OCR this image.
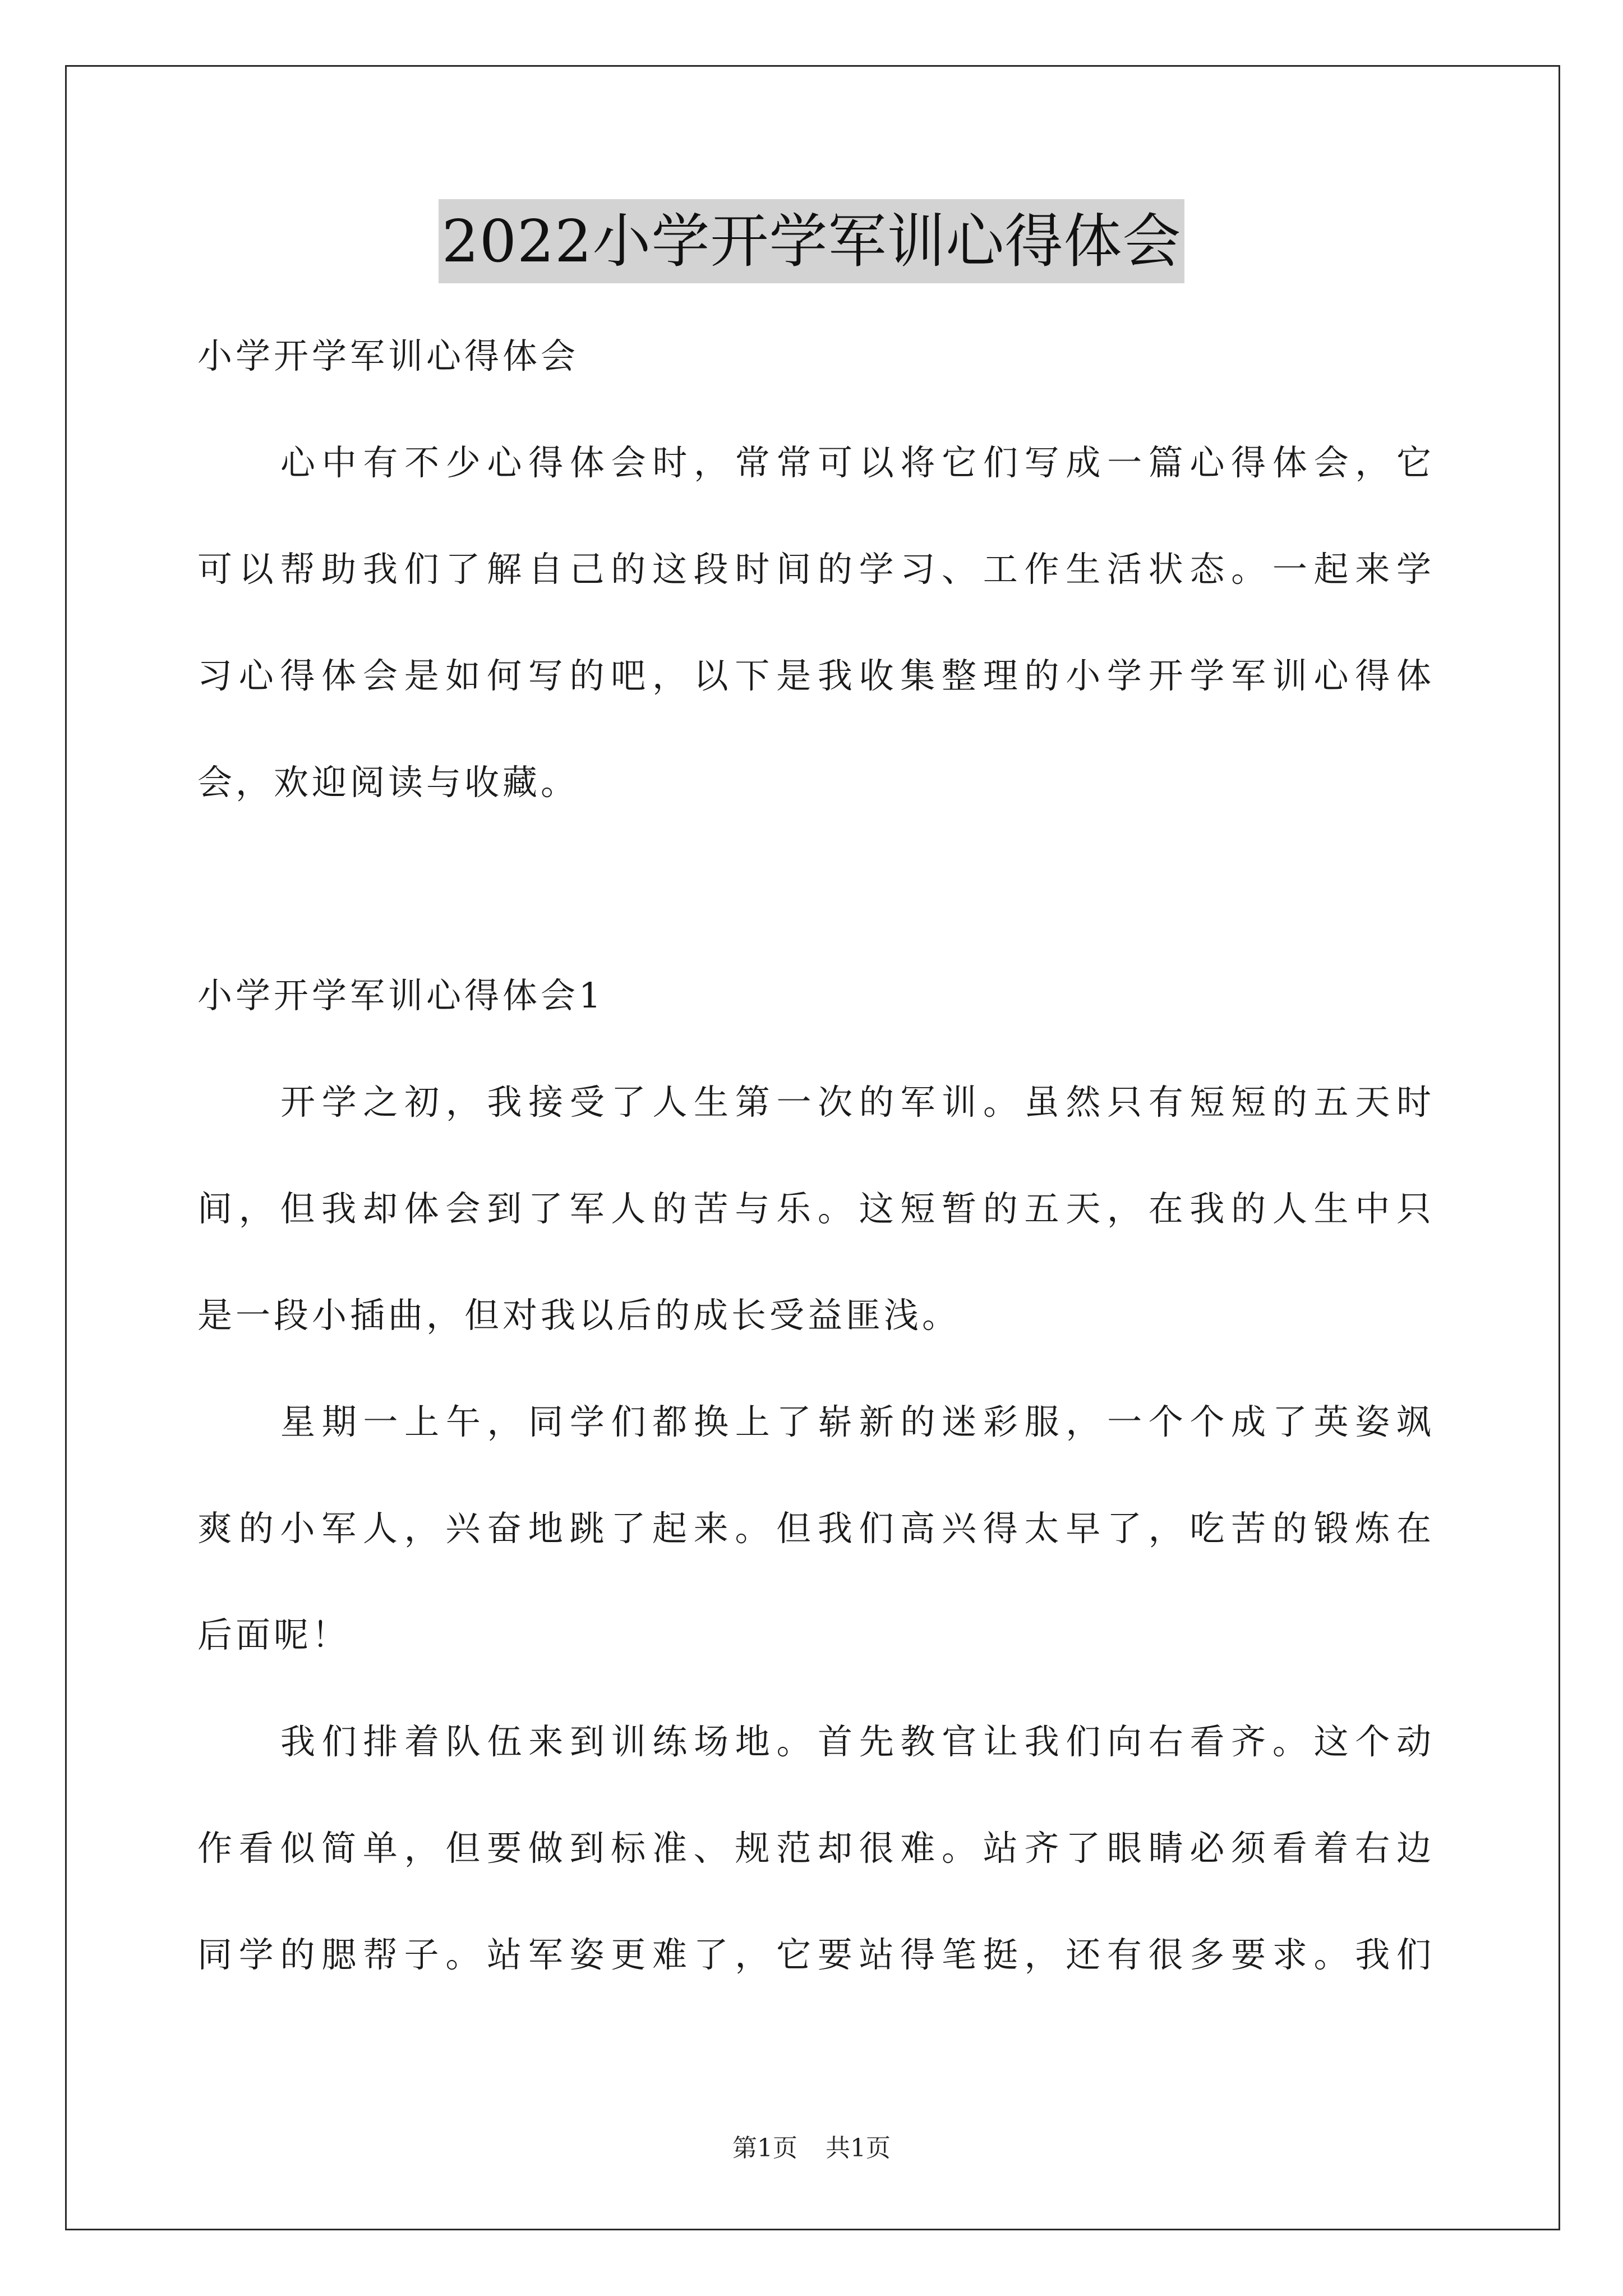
2022小学开学军训心得体会
小学开学军训心得体会
心中有不少心得体会时，常常可以将它们写成一篇心得体会，它
可以帮助我们了解自己的这段时间的学习、工作生活状态。一起来学
习心得体会是如何写的吧，以下是我收集整理的小学开学军训心得体
会，欢迎阅读与收藏。
小学开学军训心得体会1
开学之初，我接受了人生第一次的军训。虽然只有短短的五天时
间，但我却体会到了军人的苦与乐。这短暂的五天，在我的人生中只
是一段小插曲，但对我以后的成长受益匪浅。
星期一上午，同学们都换上了崭新的迷彩服，一个个成了英姿飒
爽的小军人，兴奋地跳了起来。但我们高兴得太早了，吃苦的锻炼在
后面呢！
我们排着队伍来到训练场地。首先教官让我们向右看齐。这个动
作看似简单，但要做到标准、规范却很难。站齐了眼睛必须看着右边
同学的腮帮子。站军姿更难了，它要站得笔挺，还有很多要求。我们
第1页 共1页
